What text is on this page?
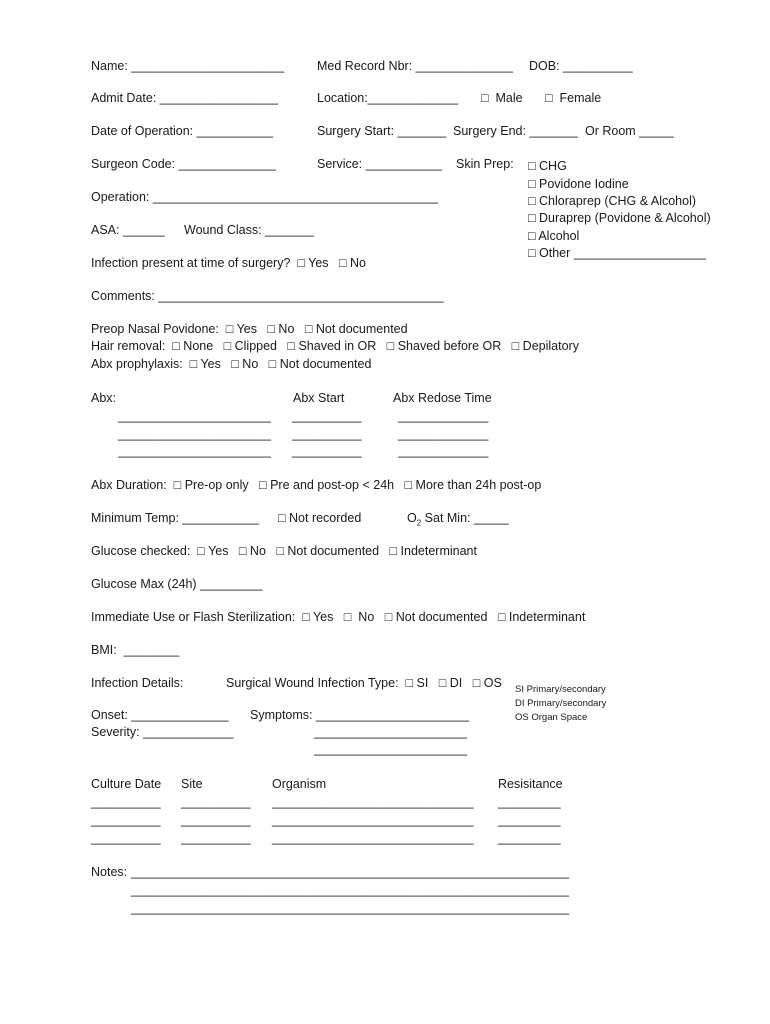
Name: ______________________	Med Record Nbr: ______________ DOB: __________
Admit Date: _________________	Location:_____________ □  Male □  Female
Date of Operation: ___________	Surgery Start: _______ Surgery End: _______ Or Room _____
Surgeon Code: ______________	Service: ___________ Skin Prep: □ CHG
□ Povidone Iodine
□ Chloraprep (CHG & Alcohol)
□ Duraprep (Povidone & Alcohol)
□ Alcohol
□ Other ___________________
Operation: _________________________________________
ASA: ______ Wound Class: _______
Infection present at time of surgery?  □ Yes   □ No
Comments: _________________________________________
Preop Nasal Povidone:  □ Yes   □ No   □ Not documented
Hair removal:  □ None   □ Clipped   □ Shaved in OR   □ Shaved before OR   □ Depilatory
Abx prophylaxis:  □ Yes   □ No   □ Not documented
Abx:	Abx Start	Abx Redose Time
______________________ __________	_____________
______________________ __________	_____________
______________________ __________	_____________
Abx Duration:  □ Pre-op only   □ Pre and post-op < 24h   □ More than 24h post-op
Minimum Temp: ___________ □ Not recorded	$O_2$ Sat Min: _____
Glucose checked:  □ Yes   □ No   □ Not documented   □ Indeterminant
Glucose Max (24h) _________
Immediate Use or Flash Sterilization:  □ Yes   □  No   □ Not documented   □ Indeterminant
BMI:  ________
Infection Details:	Surgical Wound Infection Type:  □ SI   □ DI   □ OS SI Primary/secondary
DI Primary/secondary
OS Organ Space
Onset: ______________ Symptoms: ______________________
Severity: _____________	______________________
______________________
Culture Date Site	Organism	Resisitance
__________ __________ _____________________________ _________
__________ __________ _____________________________ _________
__________ __________ _____________________________ _________
Notes: _______________________________________________________________
_______________________________________________________________
_______________________________________________________________
